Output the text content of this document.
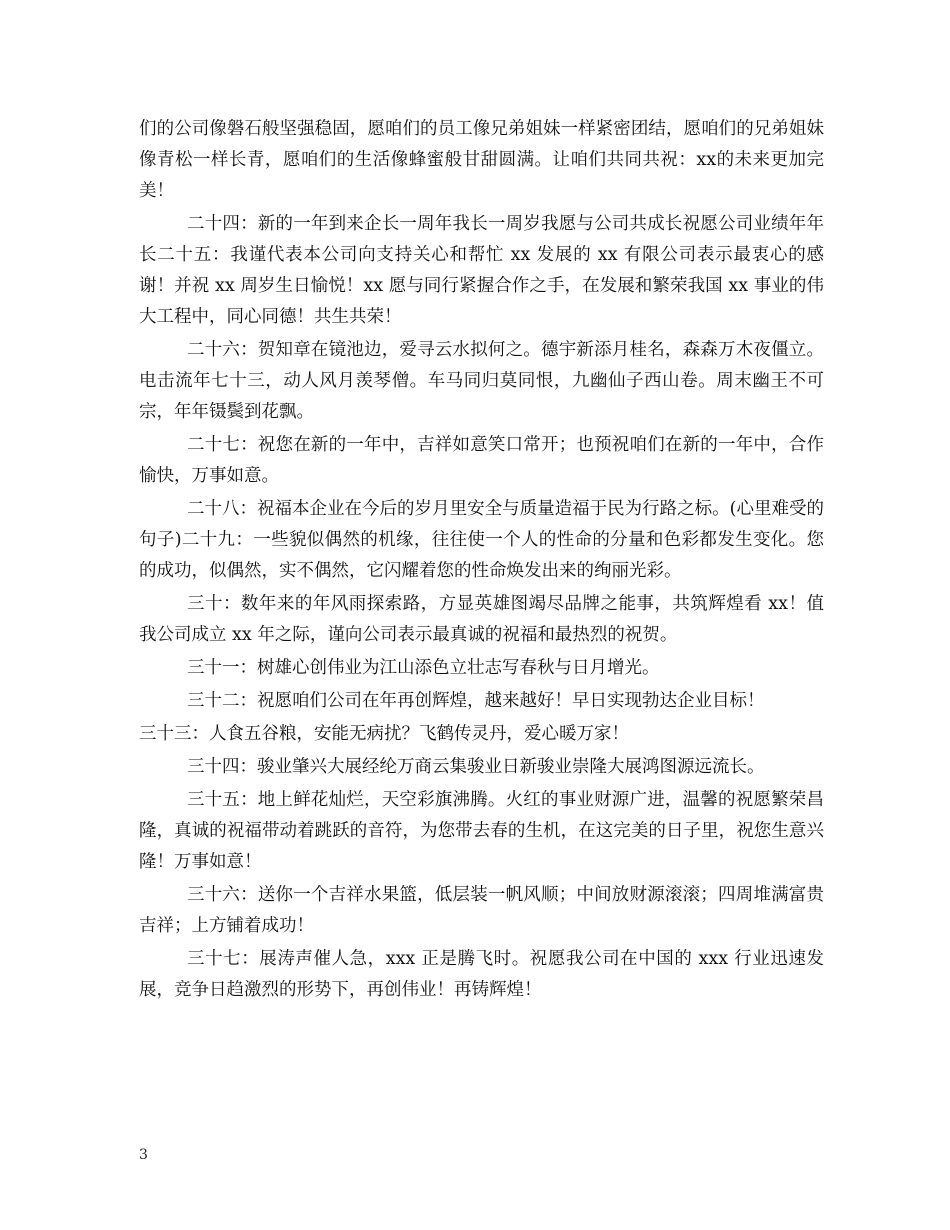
们的公司像磐石般坚强稳固，愿咱们的员工像兄弟姐妹一样紧密团结，愿咱们的兄弟姐妹像青松一样长青，愿咱们的生活像蜂蜜般甘甜圆满。让咱们共同共祝：xx的未来更加完美！

二十四：新的一年到来企长一周年我长一周岁我愿与公司共成长祝愿公司业绩年年长二十五：我谨代表本公司向支持关心和帮忙 xx 发展的 xx 有限公司表示最衷心的感谢！并祝 xx 周岁生日愉悦！xx 愿与同行紧握合作之手，在发展和繁荣我国 xx 事业的伟大工程中，同心同德！共生共荣！

二十六：贺知章在镜池边，爱寻云水拟何之。德宇新添月桂名，森森万木夜僵立。电击流年七十三，动人风月羡琴僧。车马同归莫同恨，九幽仙子西山卷。周末幽王不可宗，年年镊鬓到花飘。

二十七：祝您在新的一年中，吉祥如意笑口常开；也预祝咱们在新的一年中，合作愉快，万事如意。

二十八：祝福本企业在今后的岁月里安全与质量造福于民为行路之标。(心里难受的句子)二十九：一些貌似偶然的机缘，往往使一个人的性命的分量和色彩都发生变化。您的成功，似偶然，实不偶然，它闪耀着您的性命焕发出来的绚丽光彩。

三十：数年来的年风雨探索路，方显英雄图竭尽品牌之能事，共筑辉煌看 xx！值我公司成立 xx 年之际，谨向公司表示最真诚的祝福和最热烈的祝贺。

三十一：树雄心创伟业为江山添色立壮志写春秋与日月增光。

三十二：祝愿咱们公司在年再创辉煌，越来越好！早日实现勃达企业目标！

三十三：人食五谷粮，安能无病扰？飞鹤传灵丹，爱心暖万家！

三十四：骏业肇兴大展经纶万商云集骏业日新骏业崇隆大展鸿图源远流长。

三十五：地上鲜花灿烂，天空彩旗沸腾。火红的事业财源广进，温馨的祝愿繁荣昌隆，真诚的祝福带动着跳跃的音符，为您带去春的生机，在这完美的日子里，祝您生意兴隆！万事如意！

三十六：送你一个吉祥水果篮，低层装一帆风顺；中间放财源滚滚；四周堆满富贵吉祥；上方铺着成功！

三十七：展涛声催人急，xxx 正是腾飞时。祝愿我公司在中国的 xxx 行业迅速发展，竞争日趋激烈的形势下，再创伟业！再铸辉煌！

3
